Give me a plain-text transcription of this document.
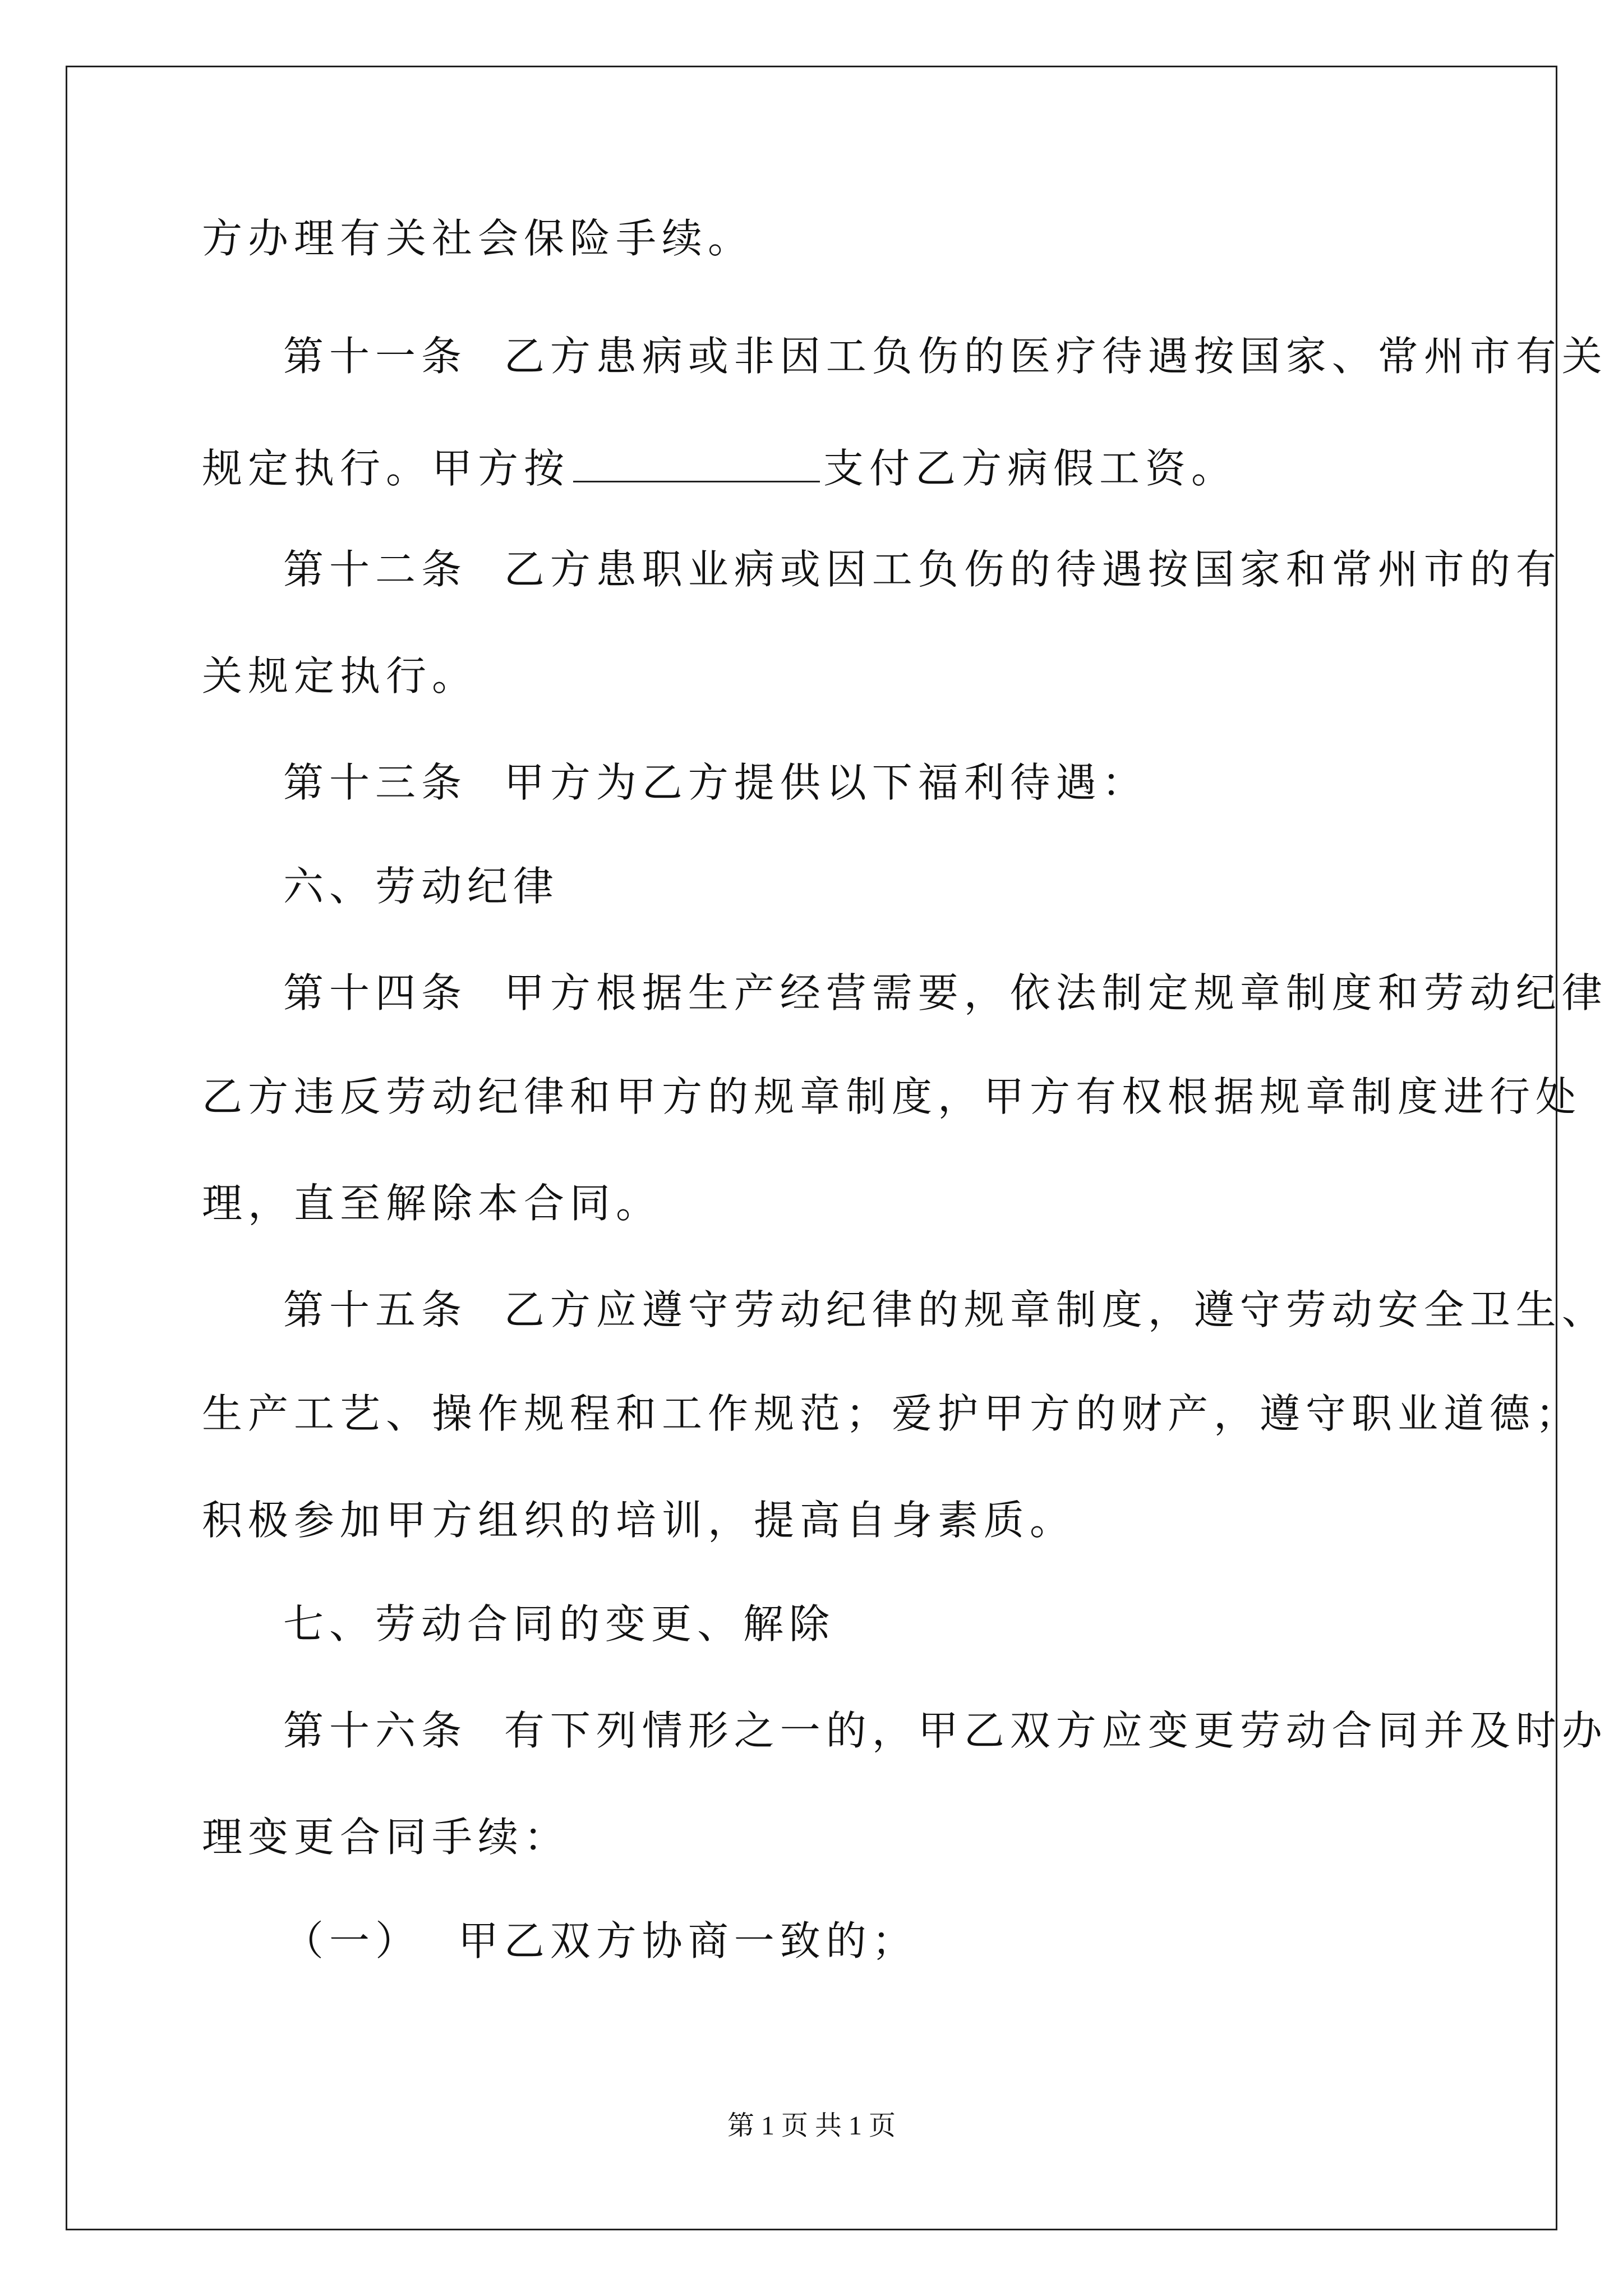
方办理有关社会保险手续。
第十一条  乙方患病或非因工负伤的医疗待遇按国家、常州市有关
规定执行。甲方按	支付乙方病假工资。
第十二条  乙方患职业病或因工负伤的待遇按国家和常州市的有
关规定执行。
第十三条  甲方为乙方提供以下福利待遇：
六、劳动纪律
第十四条  甲方根据生产经营需要，依法制定规章制度和劳动纪律
乙方违反劳动纪律和甲方的规章制度，甲方有权根据规章制度进行处
理，直至解除本合同。
第十五条  乙方应遵守劳动纪律的规章制度，遵守劳动安全卫生、
生产工艺、操作规程和工作规范；爱护甲方的财产，遵守职业道德；
积极参加甲方组织的培训，提高自身素质。
七、劳动合同的变更、解除
第十六条  有下列情形之一的，甲乙双方应变更劳动合同并及时办
理变更合同手续：
（一）  甲乙双方协商一致的；
第 1 页 共 1 页
